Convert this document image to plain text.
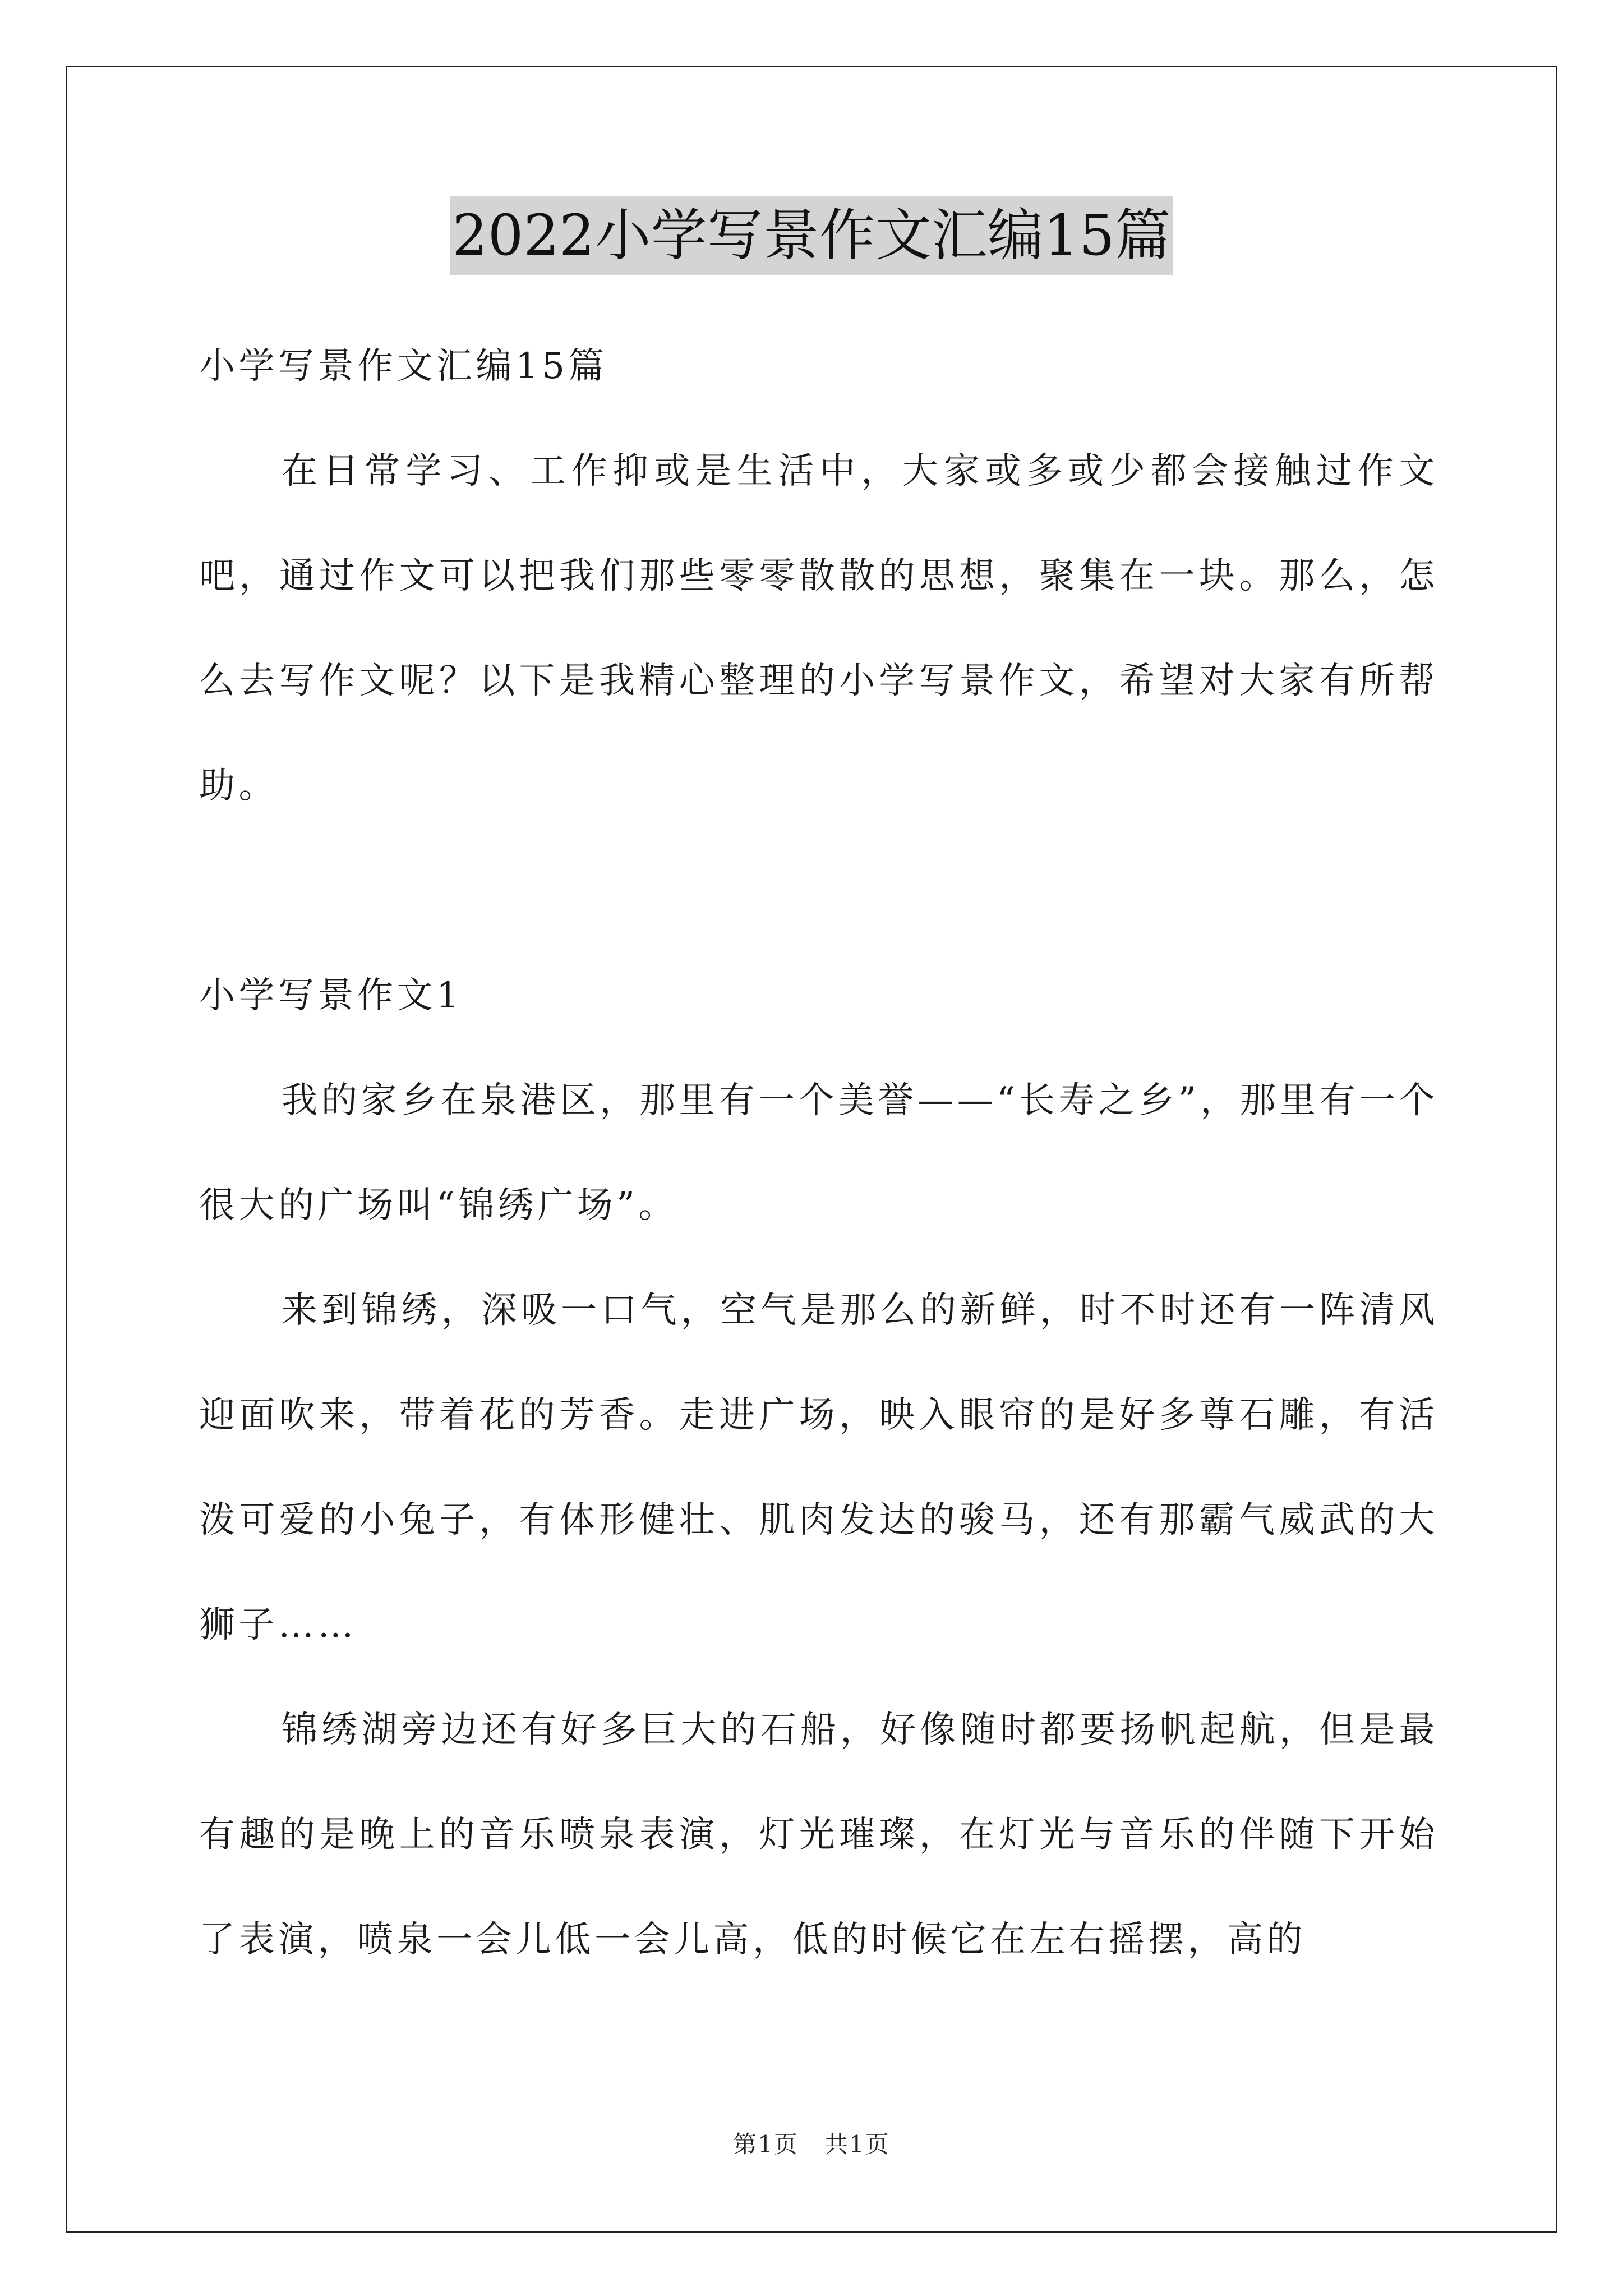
2022小学写景作文汇编15篇

小学写景作文汇编15篇

在日常学习、工作抑或是生活中，大家或多或少都会接触过作文吧，通过作文可以把我们那些零零散散的思想，聚集在一块。那么，怎么去写作文呢？以下是我精心整理的小学写景作文，希望对大家有所帮助。

小学写景作文1

我的家乡在泉港区，那里有一个美誉——“长寿之乡”，那里有一个很大的广场叫“锦绣广场”。

来到锦绣，深吸一口气，空气是那么的新鲜，时不时还有一阵清风迎面吹来，带着花的芳香。走进广场，映入眼帘的是好多尊石雕，有活泼可爱的小兔子，有体形健壮、肌肉发达的骏马，还有那霸气威武的大狮子……

锦绣湖旁边还有好多巨大的石船，好像随时都要扬帆起航，但是最有趣的是晚上的音乐喷泉表演，灯光璀璨，在灯光与音乐的伴随下开始了表演，喷泉一会儿低一会儿高，低的时候它在左右摇摆，高的

第1页   共1页
